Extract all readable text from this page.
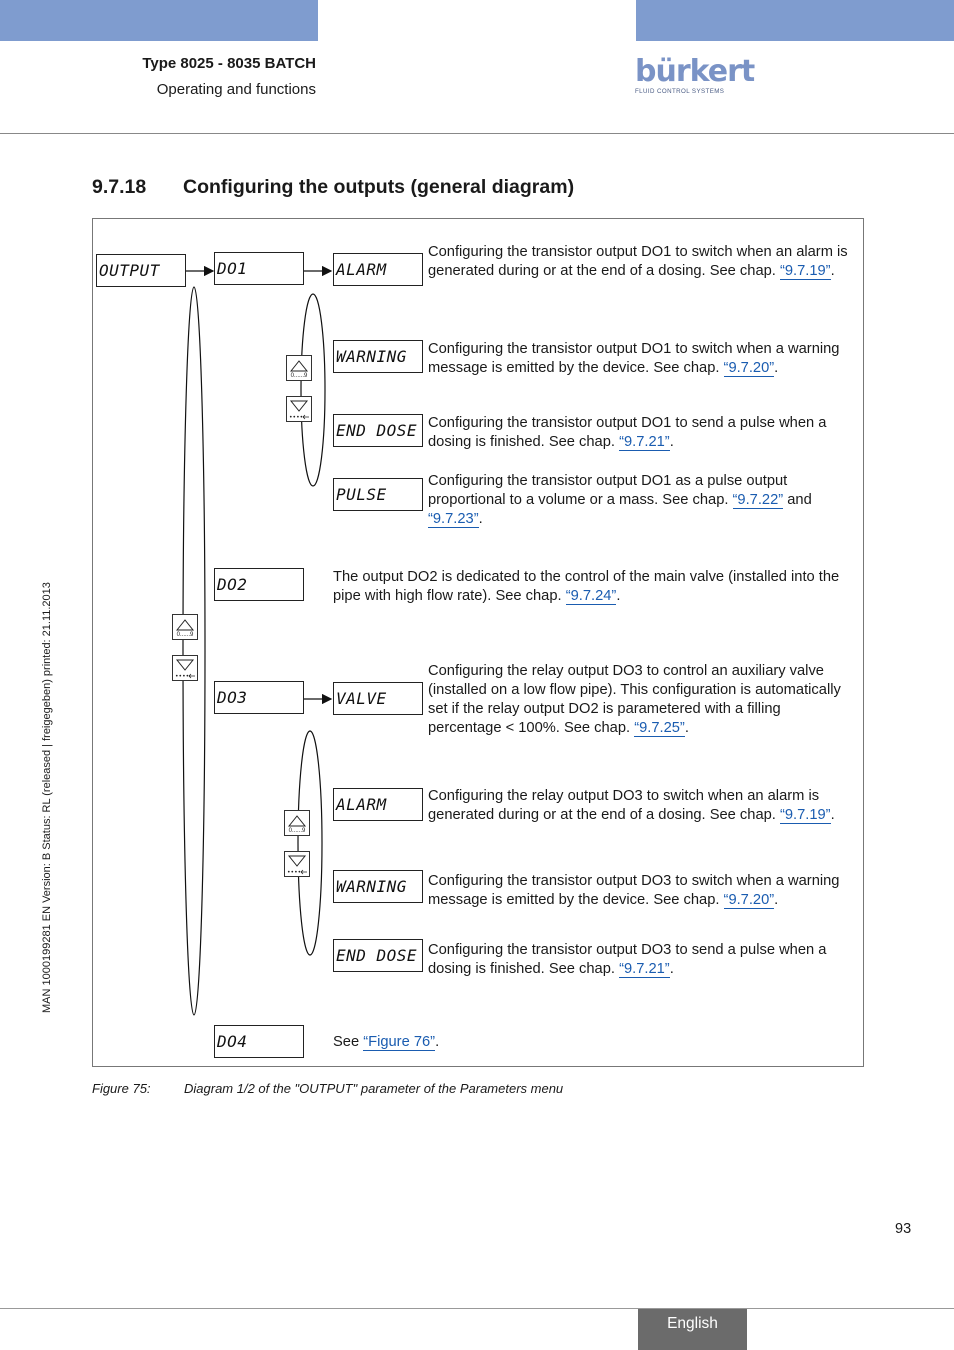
Type 8025 - 8035 BATCH
Operating and functions
bürkert
FLUID CONTROL SYSTEMS
9.7.18 Configuring the outputs (general diagram)
OUTPUT	DO1
DO2
DO3
DO4
ALARM
WARNING
END DOSE
PULSE
VALVE
ALARM
WARNING
END DOSE
0......9
••••
0......9
••••
0......9
••••
Configuring the transistor output DO1 to switch when an alarm is generated during or at the end of a dosing. See chap. “9.7.19”.
Configuring the transistor output DO1 to switch when a warning message is emitted by the device. See chap. “9.7.20”.
Configuring the transistor output DO1 to send a pulse when a dosing is finished. See chap. “9.7.21”.
Configuring the transistor output DO1 as a pulse output proportional to a volume or a mass. See chap. “9.7.22” and “9.7.23”.
The output DO2 is dedicated to the control of the main valve (installed into the pipe with high flow rate). See chap. “9.7.24”.
Configuring the relay output DO3 to control an auxiliary valve (installed on a low flow pipe). This configuration is automatically set if the relay output DO2 is parametered with a filling percentage < 100%. See chap. “9.7.25”.
Configuring the relay output DO3 to switch when an alarm is generated during or at the end of a dosing. See chap. “9.7.19”.
Configuring the transistor output DO3 to switch when a warning message is emitted by the device. See chap. “9.7.20”.
Configuring the transistor output DO3 to send a pulse when a dosing is finished. See chap. “9.7.21”.
See “Figure 76”.
Figure 75:	Diagram 1/2 of the "OUTPUT" parameter of the Parameters menu
MAN 1000199281 EN Version: B Status: RL (released | freigegeben) printed: 21.11.2013
93
English
